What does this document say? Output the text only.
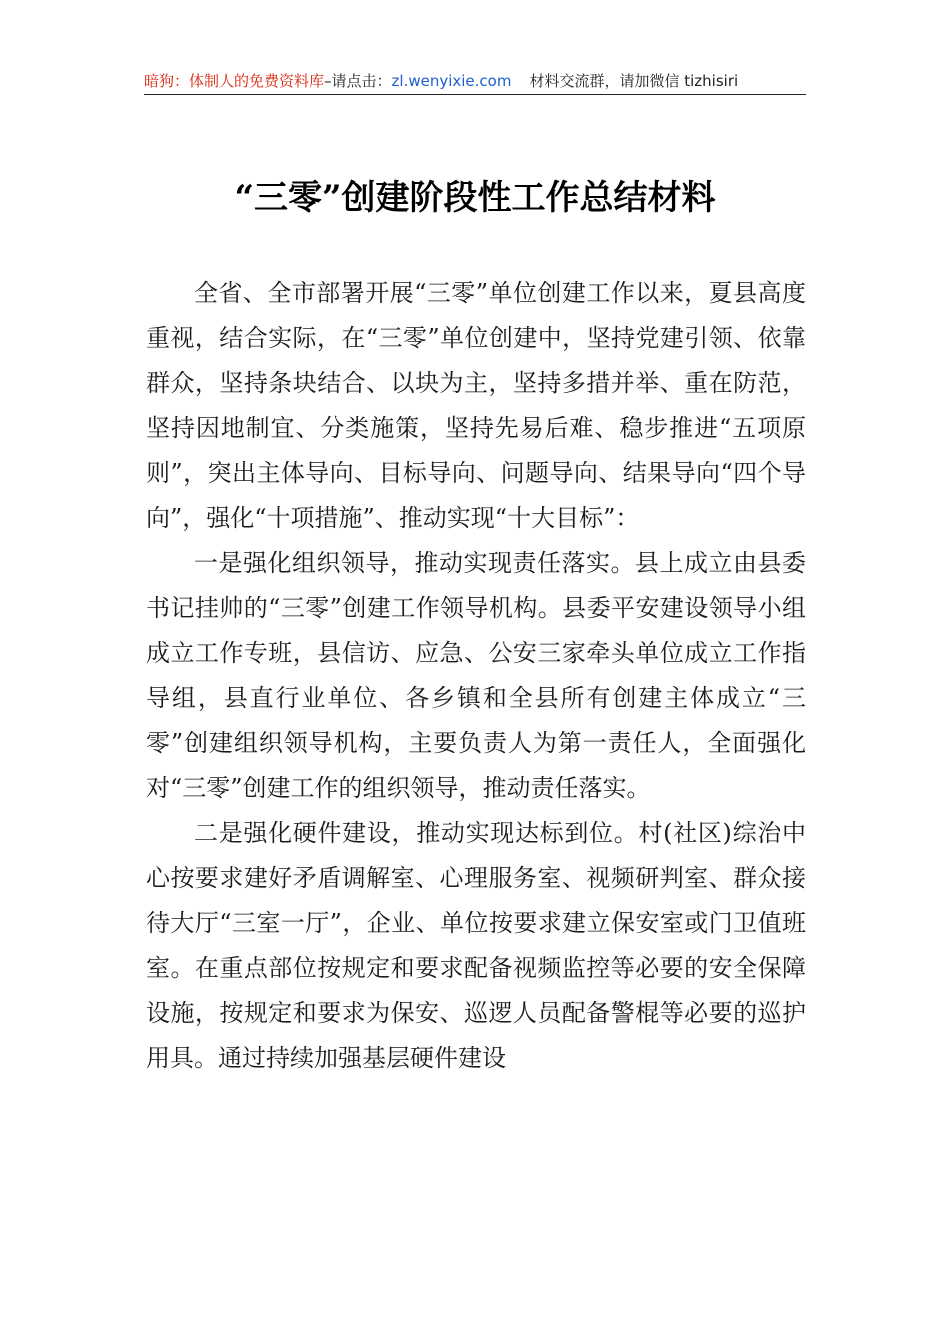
暗狗：体制人的免费资料库–请点击：zl.wenyixie.com 材料交流群，请加微信 tizhisiri
“三零”创建阶段性工作总结材料

全省、全市部署开展“三零”单位创建工作以来，夏县高度重视，结合实际，在“三零”单位创建中，坚持党建引领、依靠群众，坚持条块结合、以块为主，坚持多措并举、重在防范，坚持因地制宜、分类施策，坚持先易后难、稳步推进“五项原则”，突出主体导向、目标导向、问题导向、结果导向“四个导向”，强化“十项措施”、推动实现“十大目标”：

一是强化组织领导，推动实现责任落实。县上成立由县委书记挂帅的“三零”创建工作领导机构。县委平安建设领导小组成立工作专班，县信访、应急、公安三家牵头单位成立工作指导组，县直行业单位、各乡镇和全县所有创建主体成立“三零”创建组织领导机构，主要负责人为第一责任人，全面强化对“三零”创建工作的组织领导，推动责任落实。

二是强化硬件建设，推动实现达标到位。村(社区)综治中心按要求建好矛盾调解室、心理服务室、视频研判室、群众接待大厅“三室一厅”，企业、单位按要求建立保安室或门卫值班室。在重点部位按规定和要求配备视频监控等必要的安全保障设施，按规定和要求为保安、巡逻人员配备警棍等必要的巡护用具。通过持续加强基层硬件建设
